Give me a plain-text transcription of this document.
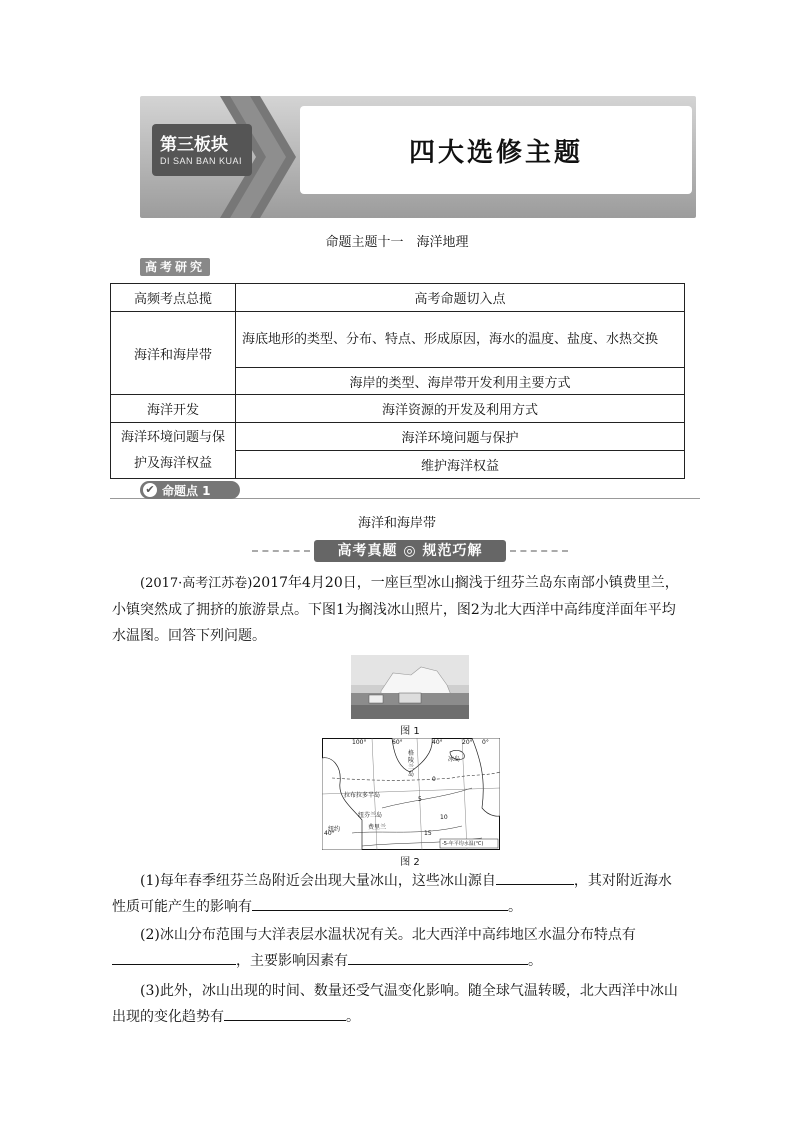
第三板块
DI SAN BAN KUAI	四大选修主题
命题主题十一　海洋地理
高考研究
高频考点总揽	高考命题切入点
海洋和海岸带	海底地形的类型、分布、特点、形成原因，海水的温度、盐度、水热交换
	海岸的类型、海岸带开发利用主要方式
海洋开发	海洋资源的开发及利用方式
海洋环境问题与保护及海洋权益	海洋环境问题与保护
	维护海洋权益
✔ 命题点 1
海洋和海岸带
高考真题 ◎ 规范巧解

(2017·高考江苏卷)2017年4月20日，一座巨型冰山搁浅于纽芬兰岛东南部小镇费里兰，小镇突然成了拥挤的旅游景点。下图1为搁浅冰山照片，图2为北大西洋中高纬度洋面年平均水温图。回答下列问题。

图 1
格陵兰岛
冰岛
拉布拉多半岛
纽芬兰岛
费里兰
纽约
-5-年平均水温(℃)
100°	60°	40°	20° 0°
40°
10
15
5
0
图 2

(1)每年春季纽芬兰岛附近会出现大量冰山，这些冰山源自	，其对附近海水
性质可能产生的影响有	。

(2)冰山分布范围与大洋表层水温状况有关。北大西洋中高纬地区水温分布特点有
，主要影响因素有	。

(3)此外，冰山出现的时间、数量还受气温变化影响。随全球气温转暖，北大西洋中冰山
出现的变化趋势有	。
